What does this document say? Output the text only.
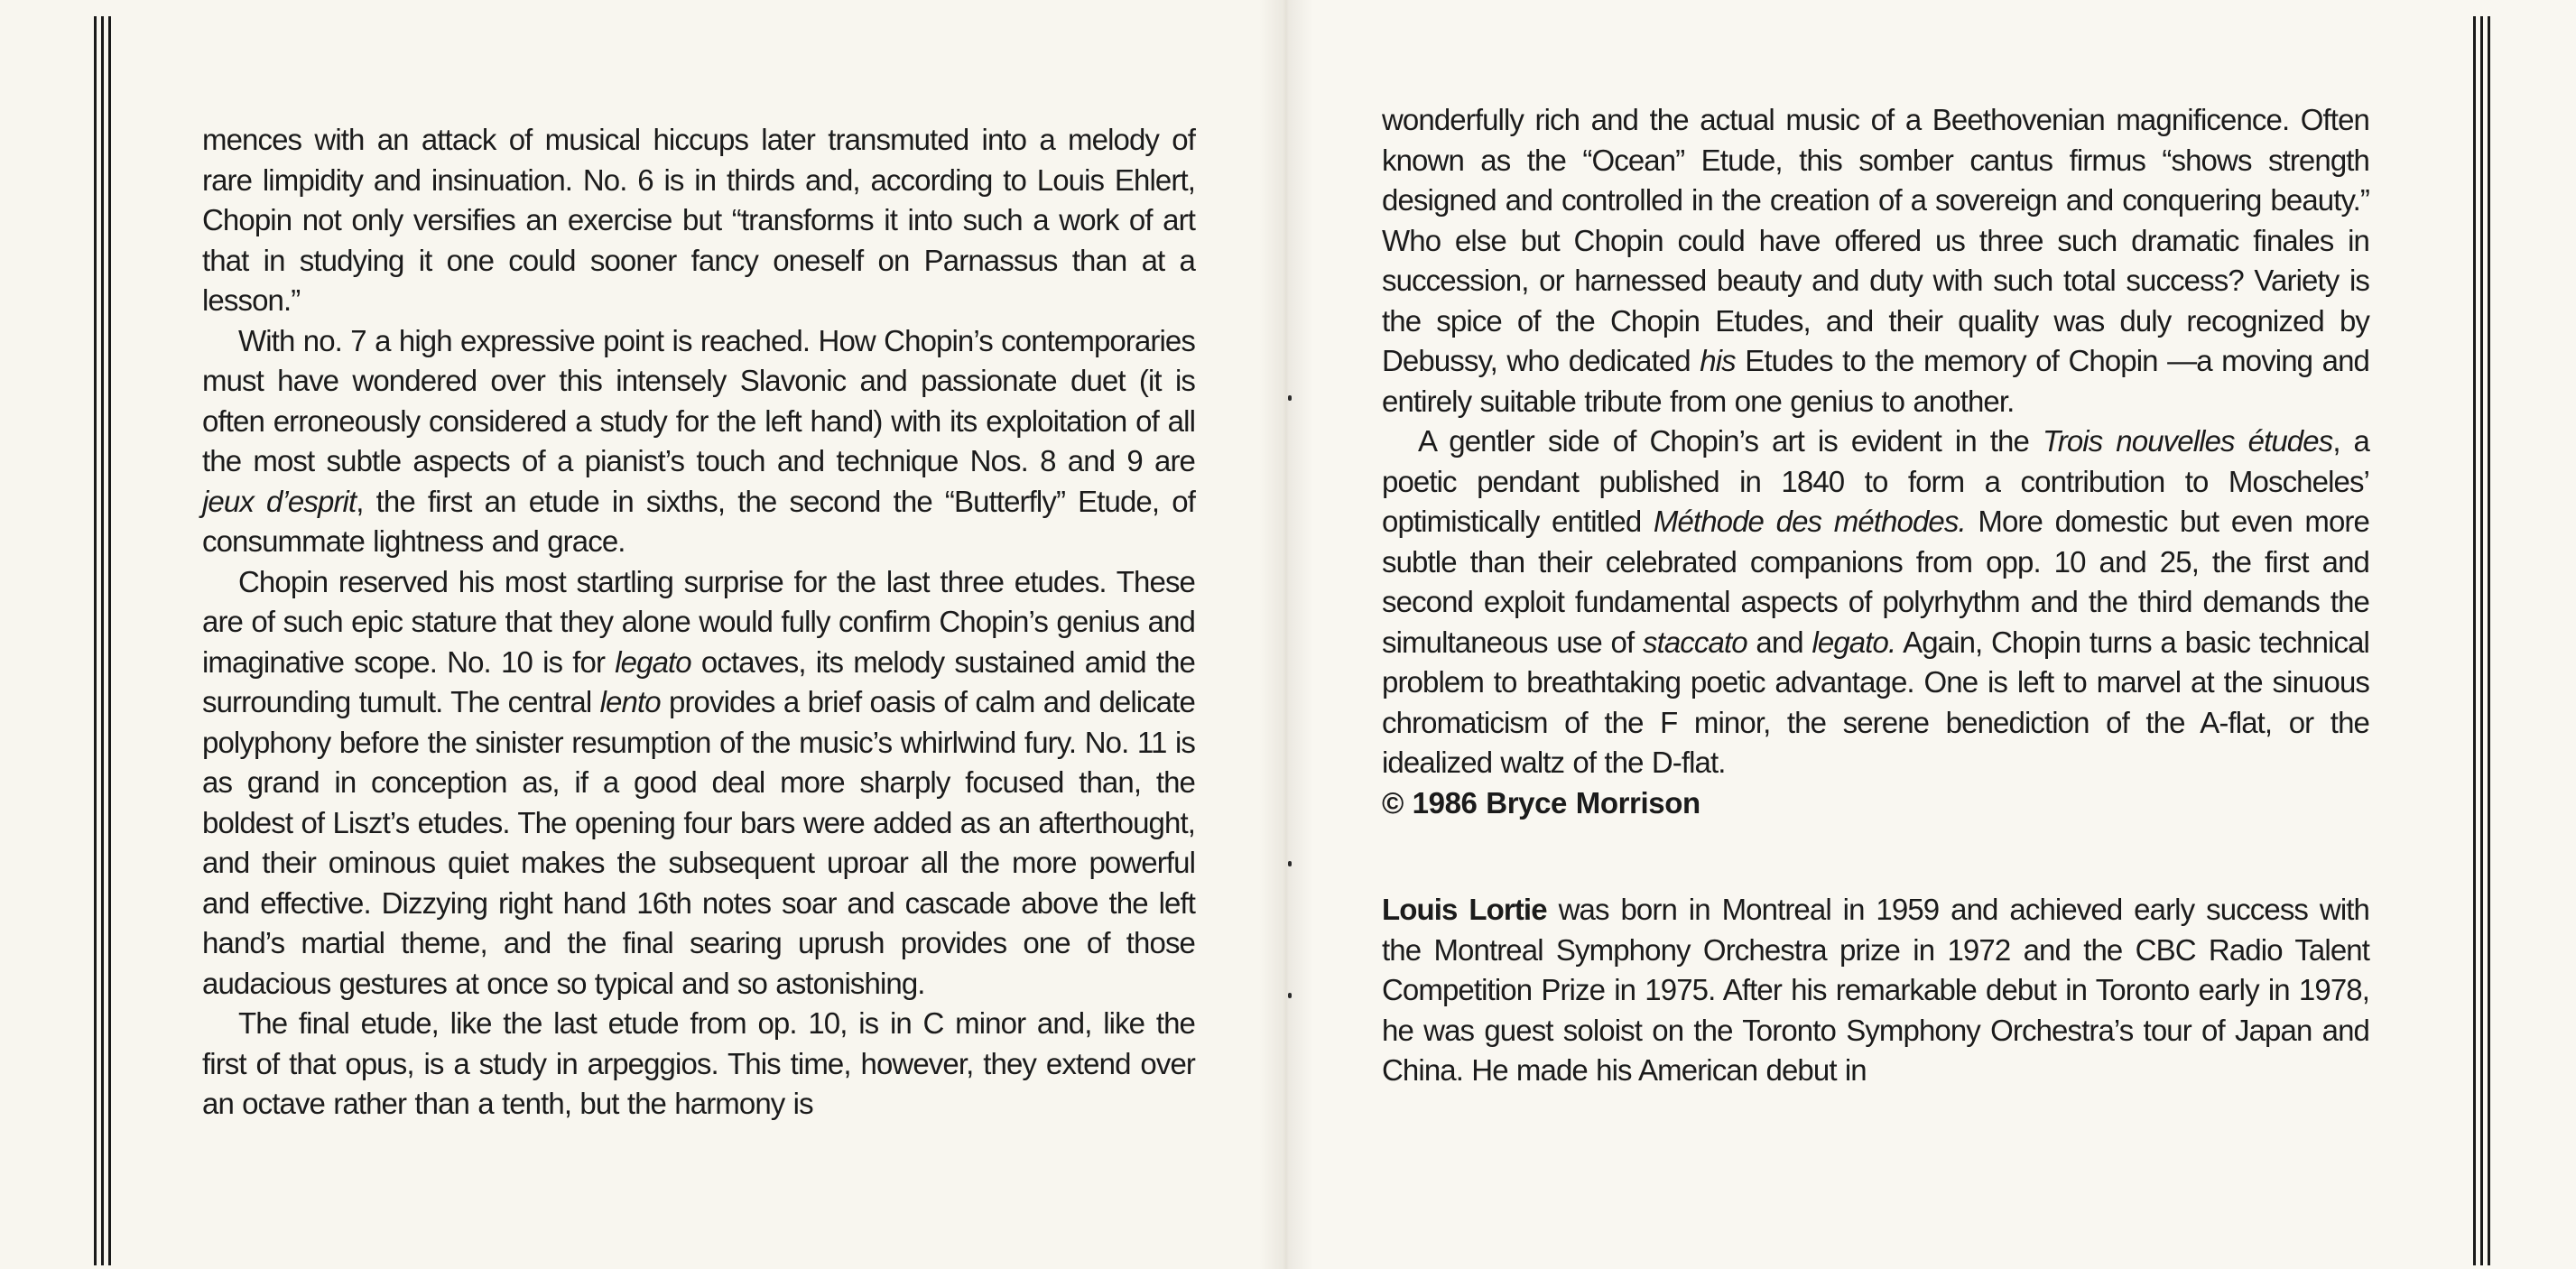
mences with an attack of musical hiccups later transmuted into a melody of rare limpidity and insinuation. No. 6 is in thirds and, according to Louis Ehlert, Chopin not only versifies an exercise but “transforms it into such a work of art that in studying it one could sooner fancy oneself on Parnassus than at a lesson.”

With no. 7 a high expressive point is reached. How Chopin’s contemporaries must have wondered over this intensely Slavonic and passionate duet (it is often erroneously considered a study for the left hand) with its exploitation of all the most subtle aspects of a pianist’s touch and technique Nos. 8 and 9 are jeux d’esprit, the first an etude in sixths, the second the “Butterfly” Etude, of consummate lightness and grace.

Chopin reserved his most startling surprise for the last three etudes. These are of such epic stature that they alone would fully confirm Chopin’s genius and imaginative scope. No. 10 is for legato octaves, its melody sustained amid the surrounding tumult. The central lento provides a brief oasis of calm and delicate polyphony before the sinister resumption of the music’s whirlwind fury. No. 11 is as grand in conception as, if a good deal more sharply focused than, the boldest of Liszt’s etudes. The opening four bars were added as an afterthought, and their ominous quiet makes the subsequent uproar all the more powerful and effective. Dizzying right hand 16th notes soar and cascade above the left hand’s martial theme, and the final searing uprush provides one of those audacious gestures at once so typical and so astonishing.

The final etude, like the last etude from op. 10, is in C minor and, like the first of that opus, is a study in arpeggios. This time, however, they extend over an octave rather than a tenth, but the harmony is

wonderfully rich and the actual music of a Beethovenian magnificence. Often known as the “Ocean” Etude, this somber cantus firmus “shows strength designed and controlled in the creation of a sovereign and conquering beauty.” Who else but Chopin could have offered us three such dramatic finales in succession, or harnessed beauty and duty with such total success? Variety is the spice of the Chopin Etudes, and their quality was duly recognized by Debussy, who dedicated his Etudes to the memory of Chopin —a moving and entirely suitable tribute from one genius to another.

A gentler side of Chopin’s art is evident in the Trois nouvelles études, a poetic pendant published in 1840 to form a contribution to Moscheles’ optimistically entitled Méthode des méthodes. More domestic but even more subtle than their celebrated companions from opp. 10 and 25, the first and second exploit fundamental aspects of polyrhythm and the third demands the simultaneous use of staccato and legato. Again, Chopin turns a basic technical problem to breathtaking poetic advantage. One is left to marvel at the sinuous chromaticism of the F minor, the serene benediction of the A-flat, or the idealized waltz of the D-flat.

© 1986 Bryce Morrison

Louis Lortie was born in Montreal in 1959 and achieved early success with the Montreal Symphony Orchestra prize in 1972 and the CBC Radio Talent Competition Prize in 1975. After his remarkable debut in Toronto early in 1978, he was guest soloist on the Toronto Symphony Orchestra’s tour of Japan and China. He made his American debut in
